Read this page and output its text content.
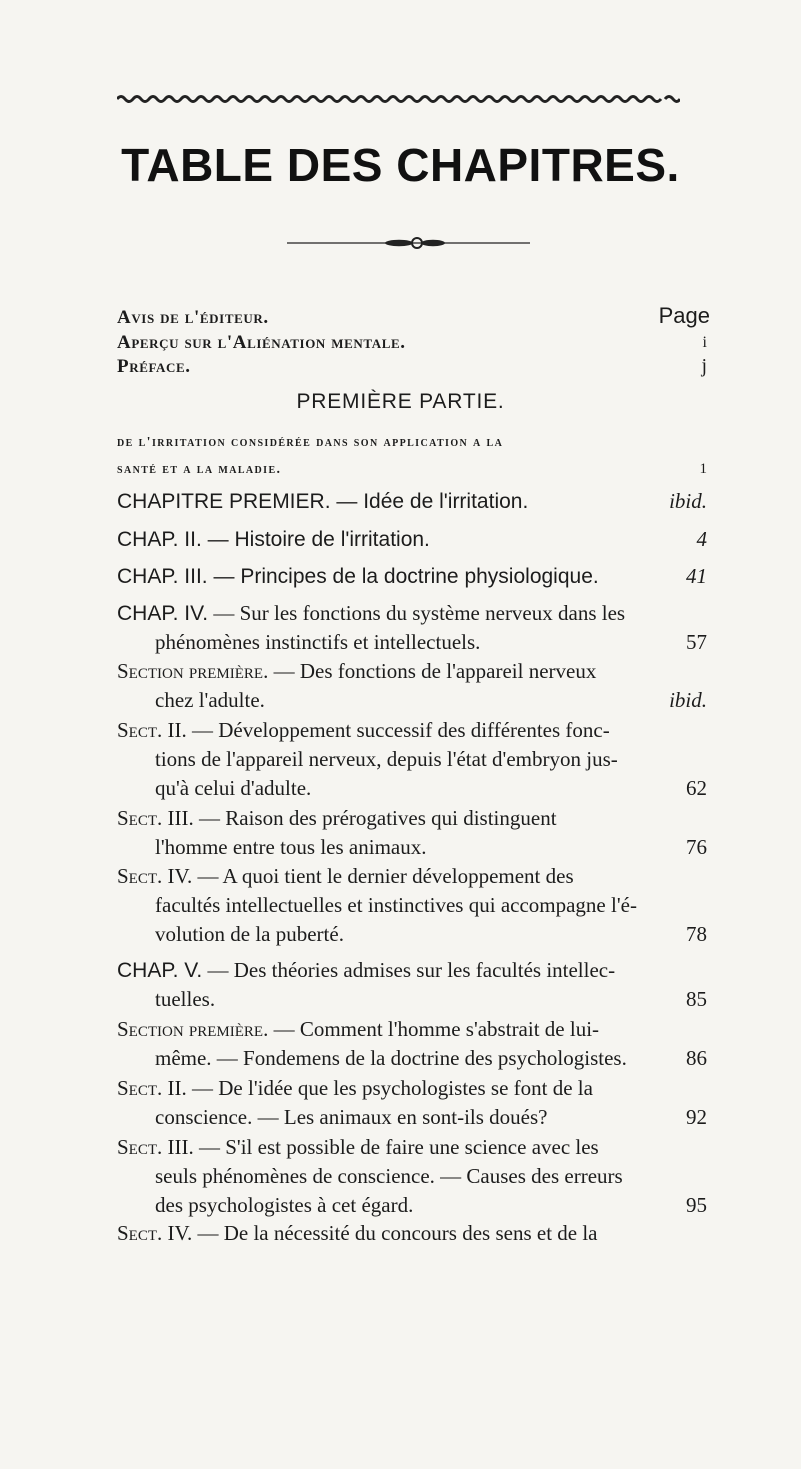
TABLE DES CHAPITRES.
Avis de l'éditeur.	Page
Aperçu sur l'Aliénation mentale.	i
Préface.	j
PREMIÈRE PARTIE.
de l'irritation considérée dans son application a la
santé et a la maladie.	1
CHAPITRE PREMIER. — Idée de l'irritation.	ibid.
CHAP. II. — Histoire de l'irritation.	4
CHAP. III. — Principes de la doctrine physiologique.	41
CHAP. IV. — Sur les fonctions du système nerveux dans les
phénomènes instinctifs et intellectuels.	57
Section première. — Des fonctions de l'appareil nerveux
chez l'adulte.	ibid.
Sect. II. — Développement successif des différentes fonc-
tions de l'appareil nerveux, depuis l'état d'embryon jus-
qu'à celui d'adulte.	62
Sect. III. — Raison des prérogatives qui distinguent
l'homme entre tous les animaux.	76
Sect. IV. — A quoi tient le dernier développement des
facultés intellectuelles et instinctives qui accompagne l'é-
volution de la puberté.	78
CHAP. V. — Des théories admises sur les facultés intellec-
tuelles.	85
Section première. — Comment l'homme s'abstrait de lui-
même. — Fondemens de la doctrine des psychologistes.	86
Sect. II. — De l'idée que les psychologistes se font de la
conscience. — Les animaux en sont-ils doués?	92
Sect. III. — S'il est possible de faire une science avec les
seuls phénomènes de conscience. — Causes des erreurs
des psychologistes à cet égard.	95
Sect. IV. — De la nécessité du concours des sens et de la
